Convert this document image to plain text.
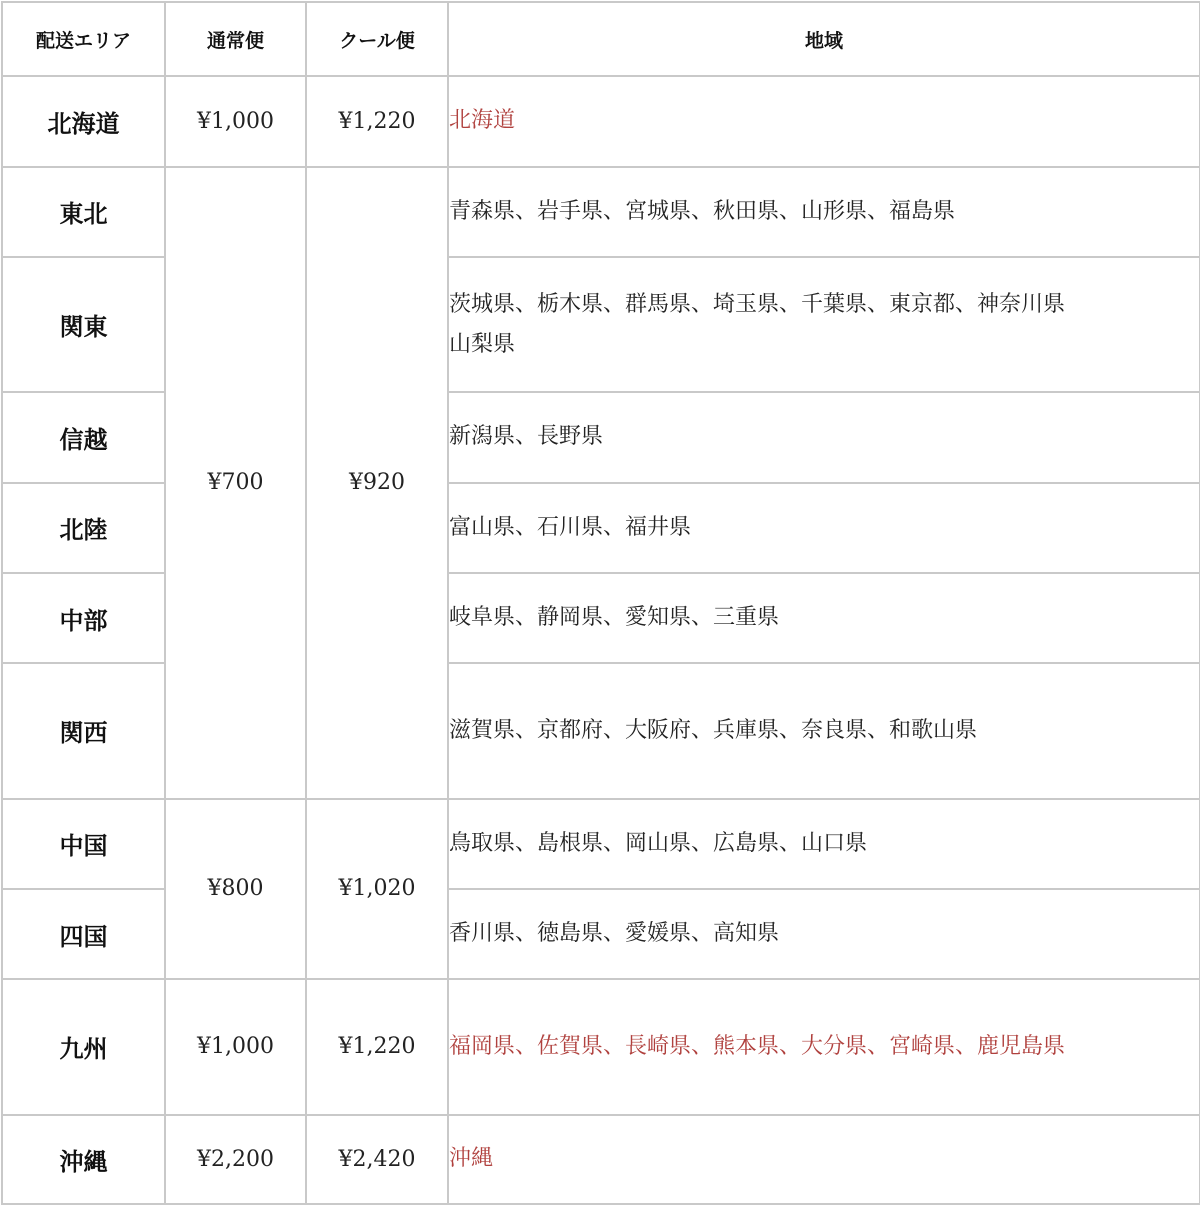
配送エリア	通常便	クール便	地域
北海道	¥1,000	¥1,220	北海道
東北	¥700	¥920	青森県、岩手県、宮城県、秋田県、山形県、福島県
関東			茨城県、栃木県、群馬県、埼玉県、千葉県、東京都、神奈川県
山梨県
信越			新潟県、長野県
北陸			富山県、石川県、福井県
中部			岐阜県、静岡県、愛知県、三重県
関西			滋賀県、京都府、大阪府、兵庫県、奈良県、和歌山県
中国	¥800	¥1,020	鳥取県、島根県、岡山県、広島県、山口県
四国			香川県、徳島県、愛媛県、高知県
九州	¥1,000	¥1,220	福岡県、佐賀県、長崎県、熊本県、大分県、宮崎県、鹿児島県
沖縄	¥2,200	¥2,420	沖縄
